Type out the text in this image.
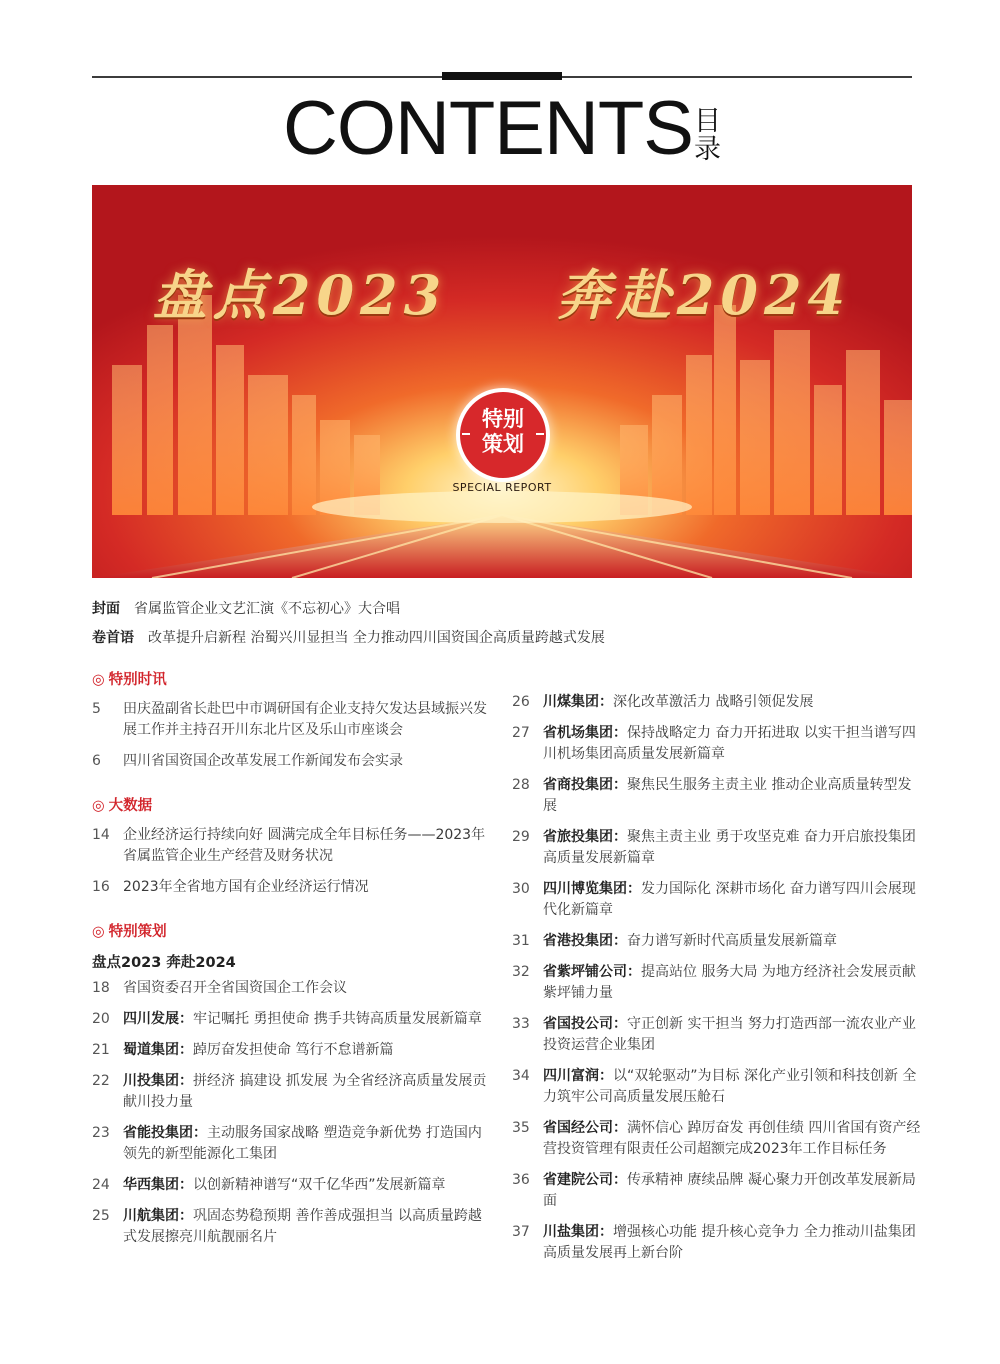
CONTENTS 目录
盘点2023 奔赴2024
特别
策划
SPECIAL REPORT
封面 省属监管企业文艺汇演《不忘初心》大合唱
卷首语 改革提升启新程 治蜀兴川显担当 全力推动四川国资国企高质量跨越式发展
◎ 特别时讯
5	田庆盈副省长赴巴中市调研国有企业支持欠发达县域振兴发展工作并主持召开川东北片区及乐山市座谈会
6	四川省国资国企改革发展工作新闻发布会实录
◎ 大数据
14 企业经济运行持续向好 圆满完成全年目标任务——2023年省属监管企业生产经营及财务状况
16 2023年全省地方国有企业经济运行情况
◎ 特别策划
盘点2023 奔赴2024
18 省国资委召开全省国资国企工作会议
20 四川发展：牢记嘱托 勇担使命 携手共铸高质量发展新篇章
21 蜀道集团：踔厉奋发担使命 笃行不怠谱新篇
22 川投集团：拼经济 搞建设 抓发展 为全省经济高质量发展贡献川投力量
23 省能投集团：主动服务国家战略 塑造竞争新优势 打造国内领先的新型能源化工集团
24 华西集团：以创新精神谱写“双千亿华西”发展新篇章
25 川航集团：巩固态势稳预期 善作善成强担当 以高质量跨越式发展擦亮川航靓丽名片
26 川煤集团：深化改革激活力 战略引领促发展
27 省机场集团：保持战略定力 奋力开拓进取 以实干担当谱写四川机场集团高质量发展新篇章
28 省商投集团：聚焦民生服务主责主业 推动企业高质量转型发展
29 省旅投集团：聚焦主责主业 勇于攻坚克难 奋力开启旅投集团高质量发展新篇章
30 四川博览集团：发力国际化 深耕市场化 奋力谱写四川会展现代化新篇章
31 省港投集团：奋力谱写新时代高质量发展新篇章
32 省紫坪铺公司：提高站位 服务大局 为地方经济社会发展贡献紫坪铺力量
33 省国投公司：守正创新 实干担当 努力打造西部一流农业产业投资运营企业集团
34 四川富润：以“双轮驱动”为目标 深化产业引领和科技创新 全力筑牢公司高质量发展压舱石
35 省国经公司：满怀信心 踔厉奋发 再创佳绩 四川省国有资产经营投资管理有限责任公司超额完成2023年工作目标任务
36 省建院公司：传承精神 赓续品牌 凝心聚力开创改革发展新局面
37 川盐集团：增强核心功能 提升核心竞争力 全力推动川盐集团高质量发展再上新台阶
